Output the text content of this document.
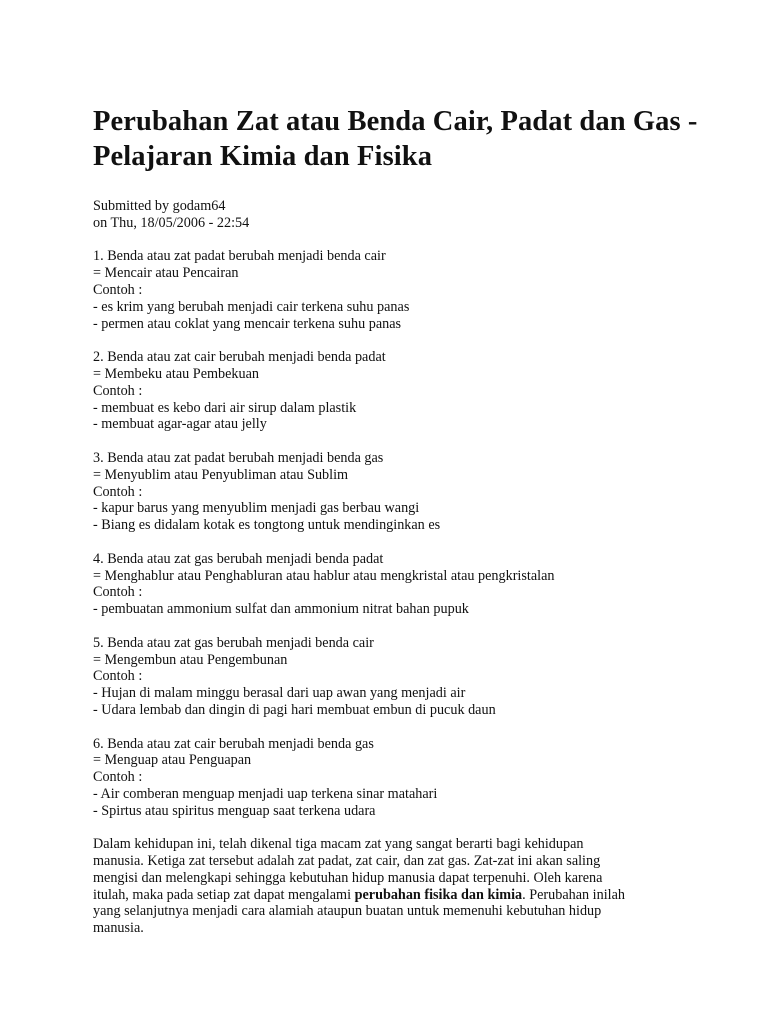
Perubahan Zat atau Benda Cair, Padat dan Gas - Pelajaran Kimia dan Fisika
Submitted by godam64
on Thu, 18/05/2006 - 22:54
1. Benda atau zat padat berubah menjadi benda cair
= Mencair atau Pencairan
Contoh :
- es krim yang berubah menjadi cair terkena suhu panas
- permen atau coklat yang mencair terkena suhu panas
2. Benda atau zat cair berubah menjadi benda padat
= Membeku atau Pembekuan
Contoh :
- membuat es kebo dari air sirup dalam plastik
- membuat agar-agar atau jelly
3. Benda atau zat padat berubah menjadi benda gas
= Menyublim atau Penyubliman atau Sublim
Contoh :
- kapur barus yang menyublim menjadi gas berbau wangi
- Biang es didalam kotak es tongtong untuk mendinginkan es
4. Benda atau zat gas berubah menjadi benda padat
= Menghablur atau Penghabluran atau hablur atau mengkristal atau pengkristalan
Contoh :
- pembuatan ammonium sulfat dan ammonium nitrat bahan pupuk
5. Benda atau zat gas berubah menjadi benda cair
= Mengembun atau Pengembunan
Contoh :
- Hujan di malam minggu berasal dari uap awan yang menjadi air
- Udara lembab dan dingin di pagi hari membuat embun di pucuk daun
6. Benda atau zat cair berubah menjadi benda gas
= Menguap atau Penguapan
Contoh :
- Air comberan menguap menjadi uap terkena sinar matahari
- Spirtus atau spiritus menguap saat terkena udara
Dalam kehidupan ini, telah dikenal tiga macam zat yang sangat berarti bagi kehidupan
manusia. Ketiga zat tersebut adalah zat padat, zat cair, dan zat gas. Zat-zat ini akan saling
mengisi dan melengkapi sehingga kebutuhan hidup manusia dapat terpenuhi. Oleh karena
itulah, maka pada setiap zat dapat mengalami perubahan fisika dan kimia. Perubahan inilah
yang selanjutnya menjadi cara alamiah ataupun buatan untuk memenuhi kebutuhan hidup
manusia.
